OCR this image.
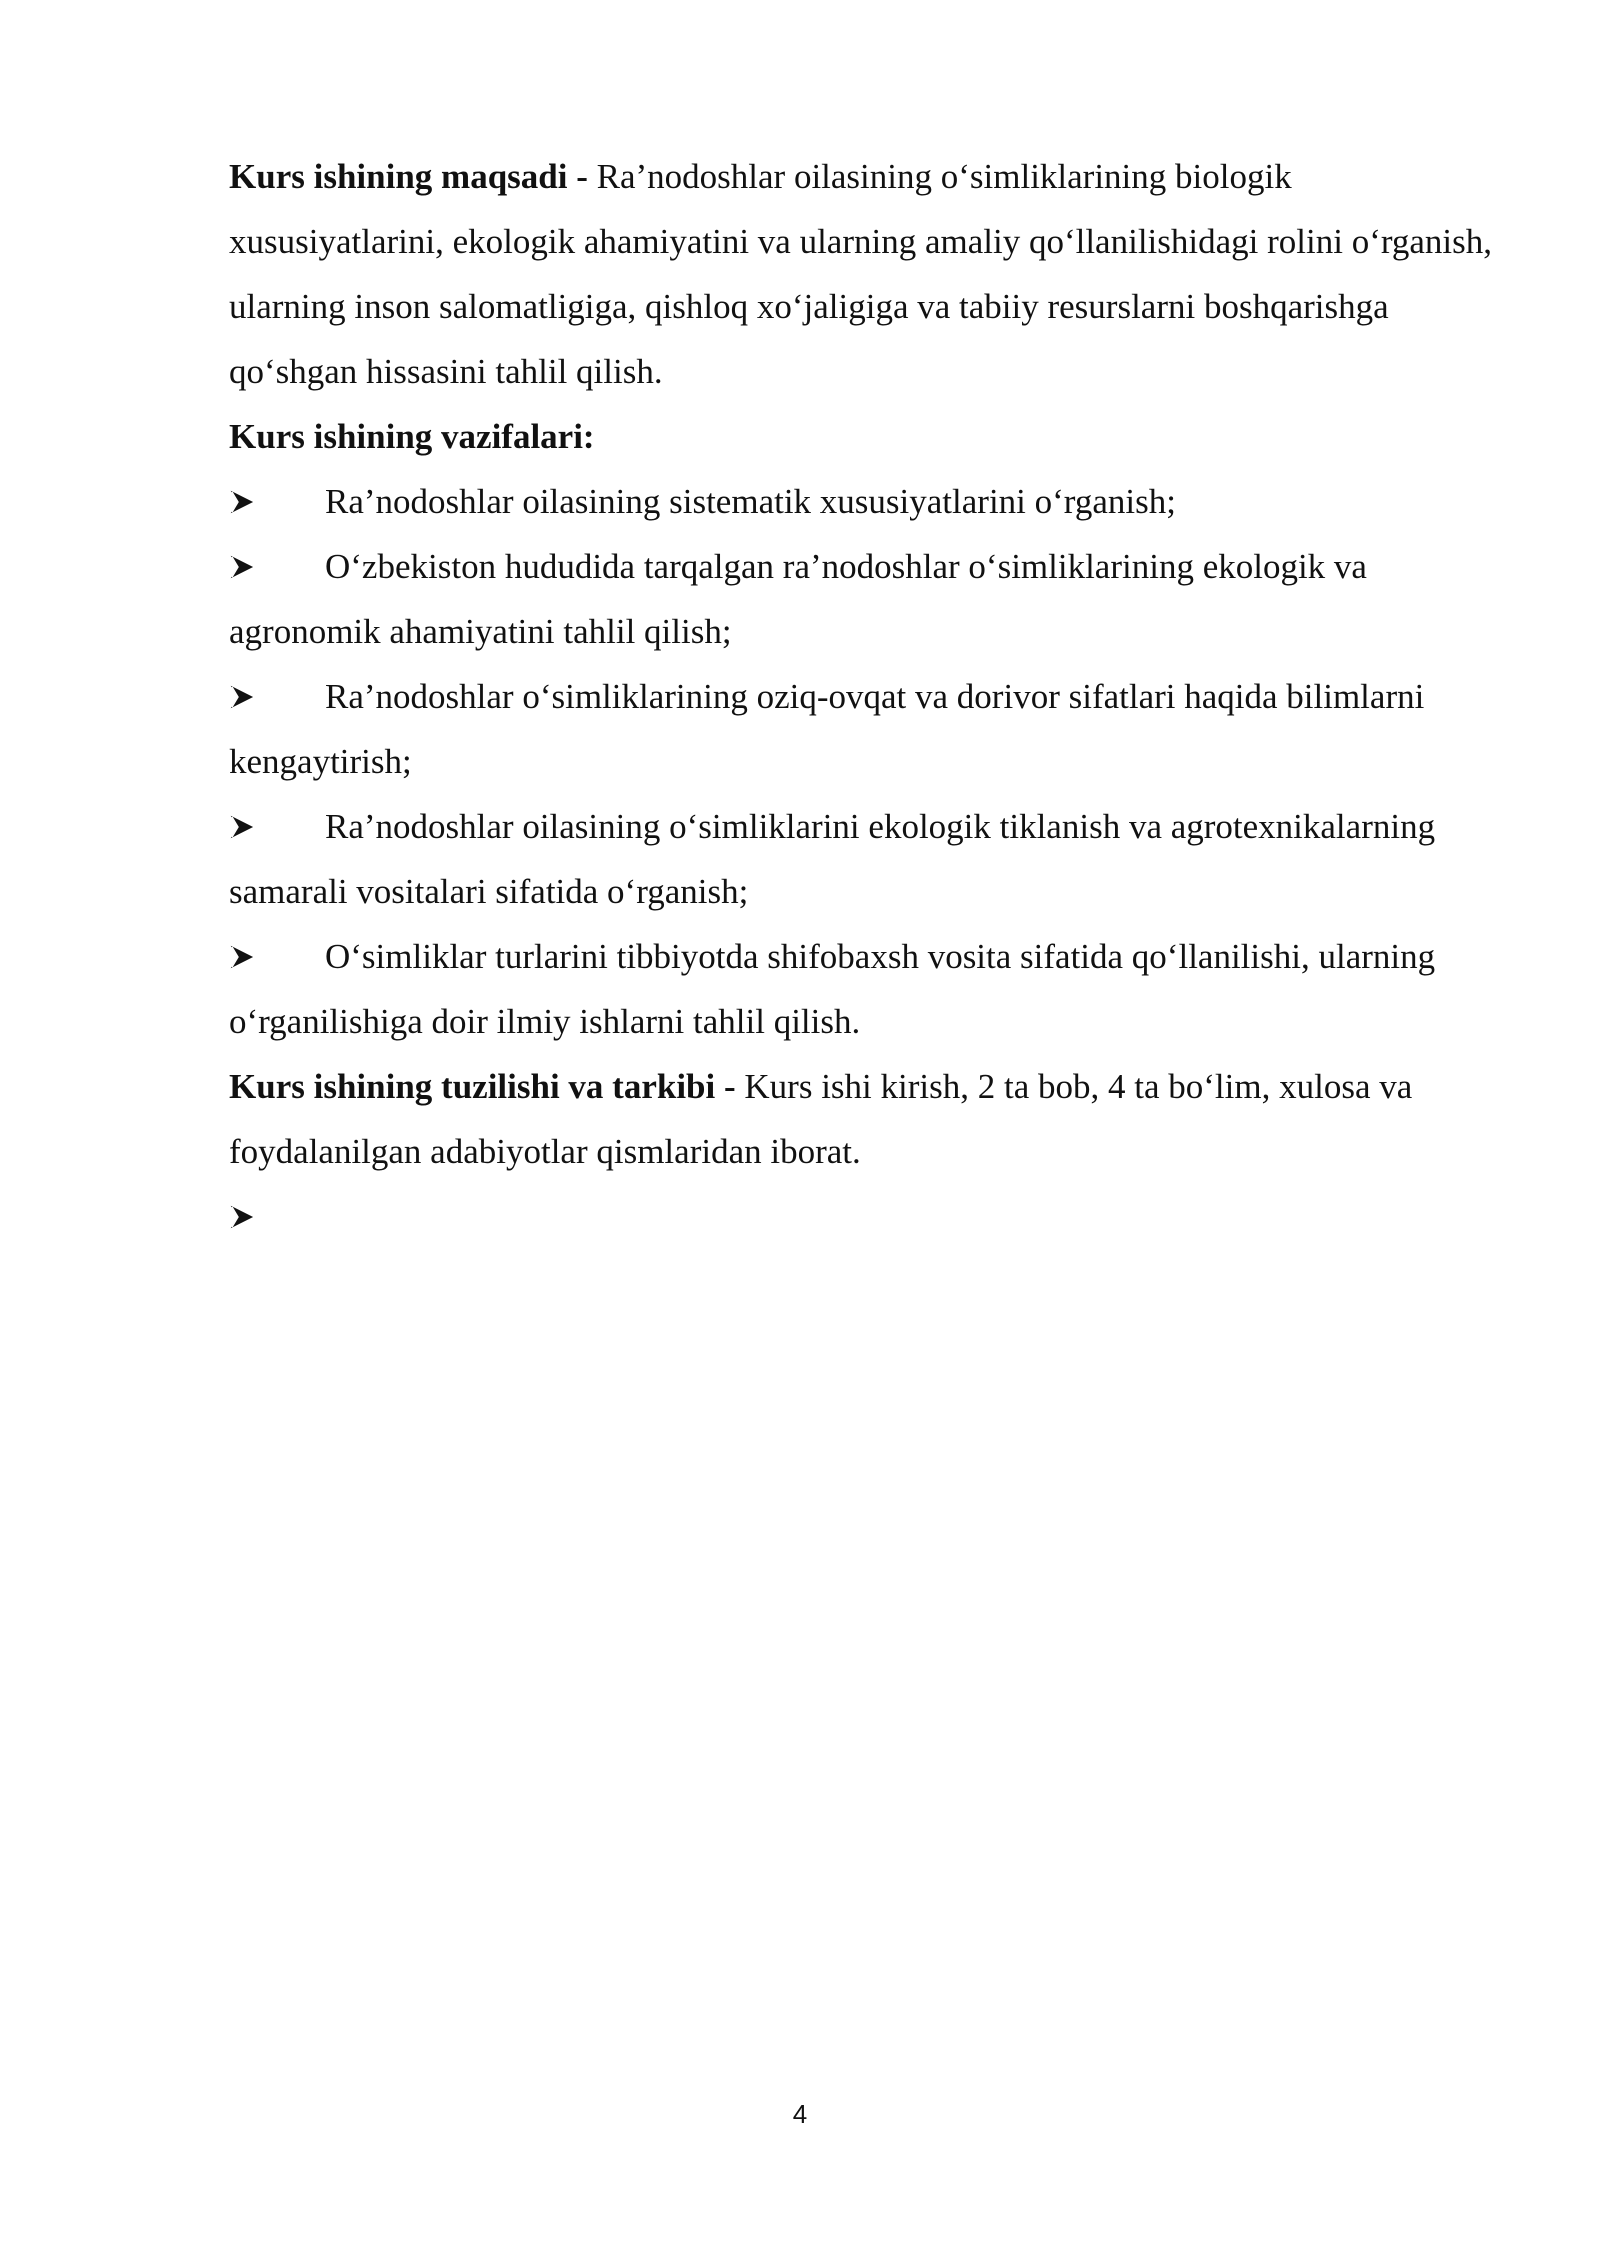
Kurs ishining maqsadi - Ra’nodoshlar oilasining o‘simliklarining biologik xususiyatlarini, ekologik ahamiyatini va ularning amaliy qo‘llanilishidagi rolini o‘rganish, ularning inson salomatligiga, qishloq xo‘jaligiga va tabiiy resurslarni boshqarishga qo‘shgan hissasini tahlil qilish.

Kurs ishining vazifalari:

Ra’nodoshlar oilasining sistematik xususiyatlarini o‘rganish;

O‘zbekiston hududida tarqalgan ra’nodoshlar o‘simliklarining ekologik va agronomik ahamiyatini tahlil qilish;

Ra’nodoshlar o‘simliklarining oziq-ovqat va dorivor sifatlari haqida bilimlarni kengaytirish;

Ra’nodoshlar oilasining o‘simliklarini ekologik tiklanish va agrotexnikalarning samarali vositalari sifatida o‘rganish;

O‘simliklar turlarini tibbiyotda shifobaxsh vosita sifatida qo‘llanilishi, ularning o‘rganilishiga doir ilmiy ishlarni tahlil qilish.

Kurs ishining tuzilishi va tarkibi - Kurs ishi kirish, 2 ta bob, 4 ta bo‘lim, xulosa va foydalanilgan adabiyotlar qismlaridan iborat.

4
